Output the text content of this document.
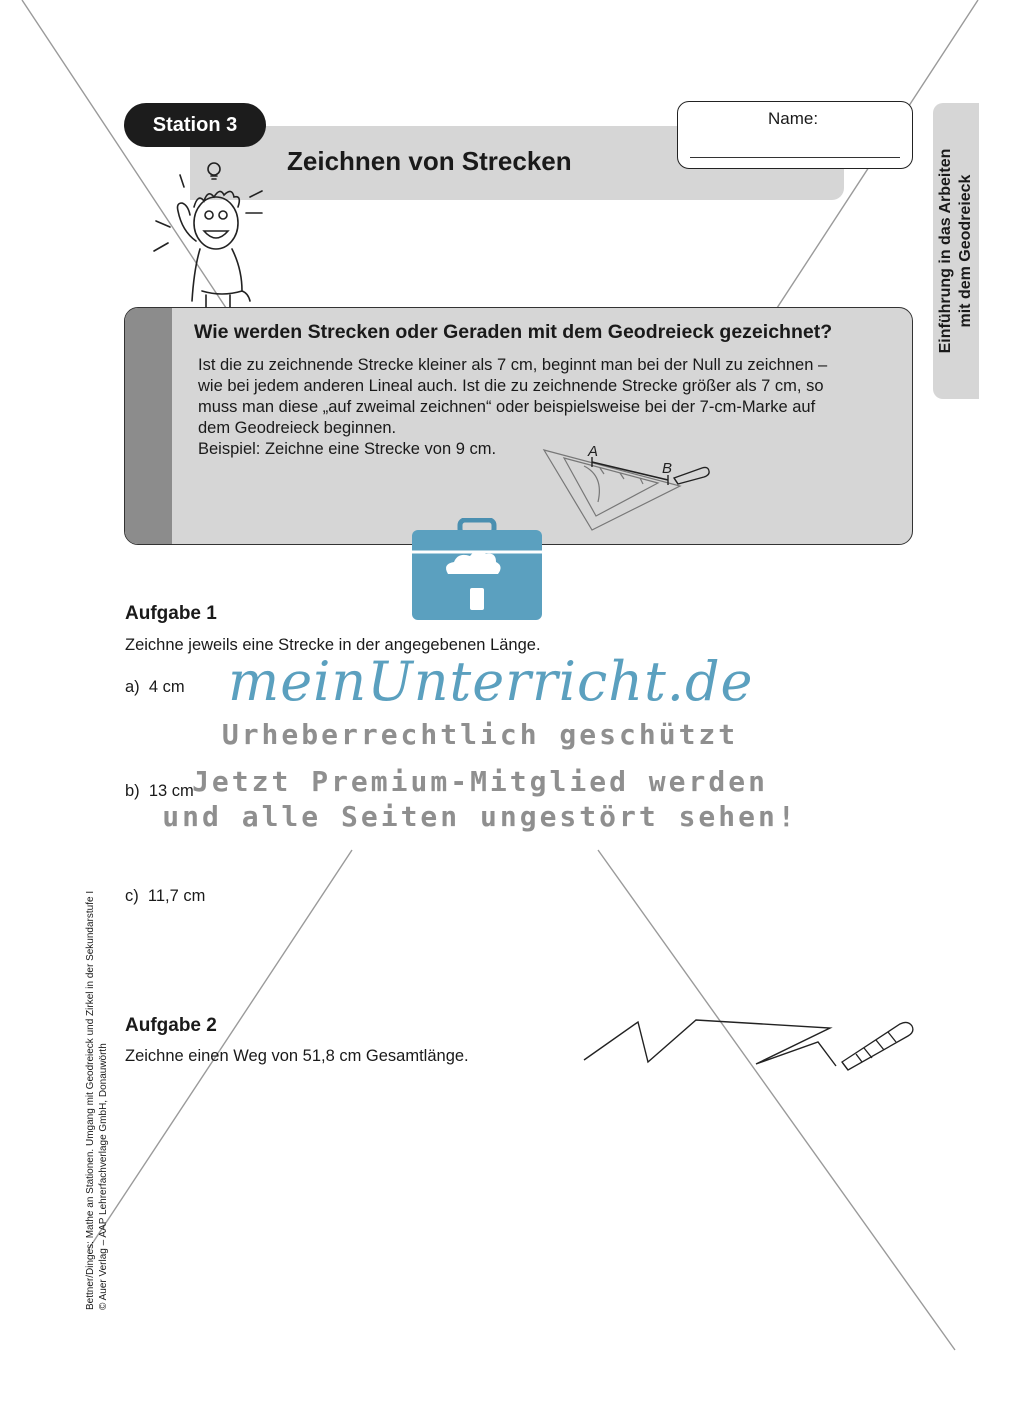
Station 3
Zeichnen von Strecken
Name:
Einführung in das Arbeiten mit dem Geodreieck
Wie werden Strecken oder Geraden mit dem Geodreieck gezeichnet?
Ist die zu zeichnende Strecke kleiner als 7 cm, beginnt man bei der Null zu zeichnen –
wie bei jedem anderen Lineal auch. Ist die zu zeichnende Strecke größer als 7 cm, so
muss man diese „auf zweimal zeichnen“ oder beispielsweise bei der 7-cm-Marke auf
dem Geodreieck beginnen.
Beispiel: Zeichne eine Strecke von 9 cm.	A
B
Aufgabe 1
Zeichne jeweils eine Strecke in der angegebenen Länge.
a) 4 cm
b) 13 cm
c) 11,7 cm
Aufgabe 2
Zeichne einen Weg von 51,8 cm Gesamtlänge.
meinUnterricht.de
Urheberrechtlich geschützt
Jetzt Premium-Mitglied werden
und alle Seiten ungestört sehen!
Bettner/Dinges: Mathe an Stationen. Umgang mit Geodreieck und Zirkel in der Sekundarstufe I © Auer Verlag – AAP Lehrerfachverlage GmbH, Donauwörth
